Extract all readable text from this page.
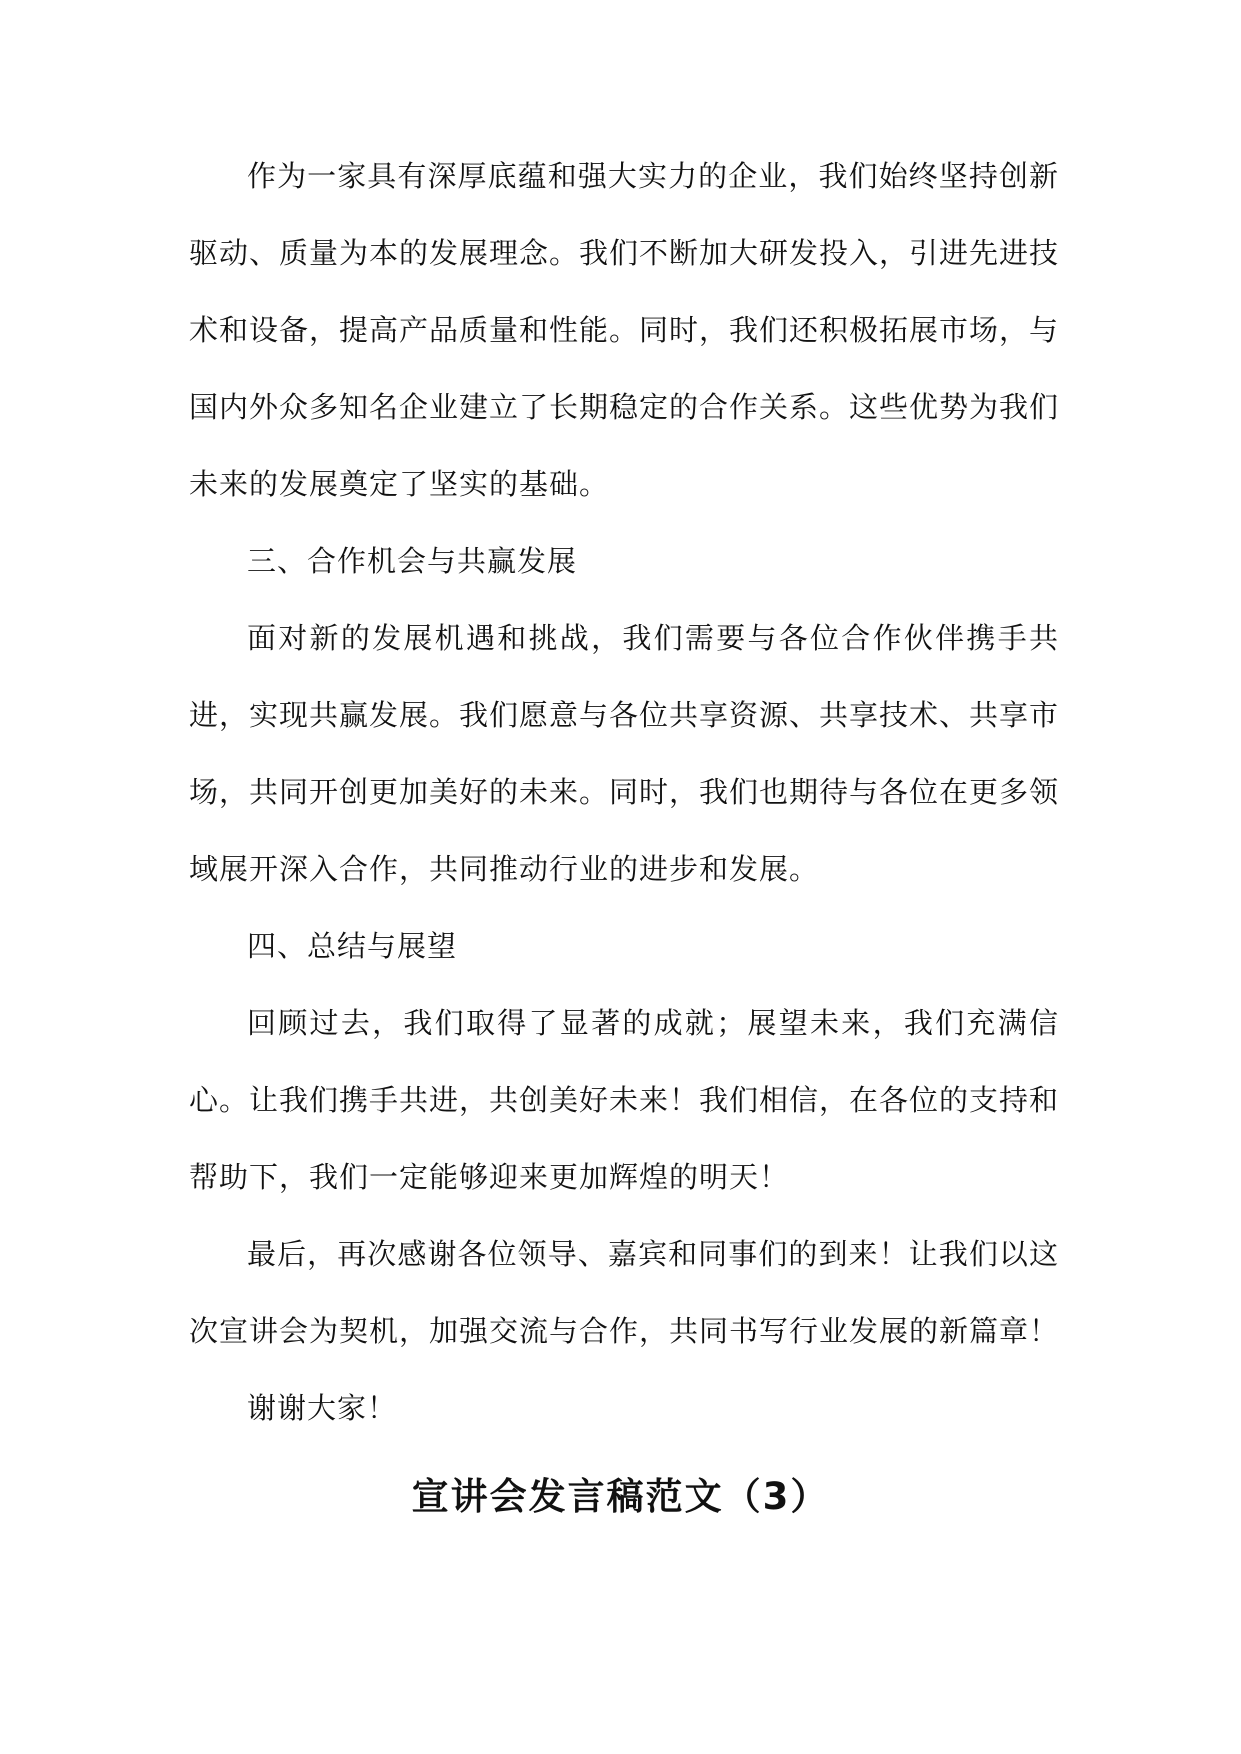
作为一家具有深厚底蕴和强大实力的企业，我们始终坚持创新驱动、质量为本的发展理念。我们不断加大研发投入，引进先进技术和设备，提高产品质量和性能。同时，我们还积极拓展市场，与国内外众多知名企业建立了长期稳定的合作关系。这些优势为我们未来的发展奠定了坚实的基础。

三、合作机会与共赢发展

面对新的发展机遇和挑战，我们需要与各位合作伙伴携手共进，实现共赢发展。我们愿意与各位共享资源、共享技术、共享市场，共同开创更加美好的未来。同时，我们也期待与各位在更多领域展开深入合作，共同推动行业的进步和发展。

四、总结与展望

回顾过去，我们取得了显著的成就；展望未来，我们充满信心。让我们携手共进，共创美好未来！我们相信，在各位的支持和帮助下，我们一定能够迎来更加辉煌的明天！

最后，再次感谢各位领导、嘉宾和同事们的到来！让我们以这次宣讲会为契机，加强交流与合作，共同书写行业发展的新篇章！

谢谢大家！

宣讲会发言稿范文（3）
